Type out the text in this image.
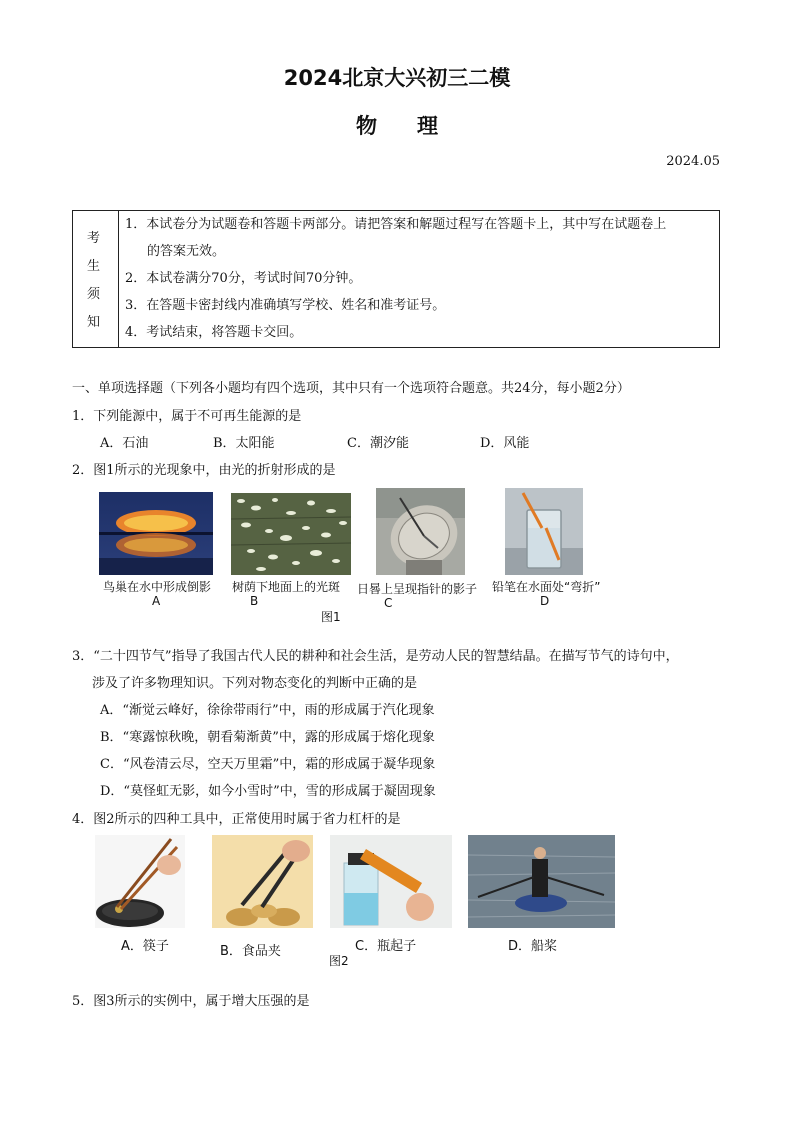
2024北京大兴初三二模
物理
2024.05
考
生
须
知
1．本试卷分为试题卷和答题卡两部分。请把答案和解题过程写在答题卡上，其中写在试题卷上
的答案无效。
2．本试卷满分70分，考试时间70分钟。
3．在答题卡密封线内准确填写学校、姓名和准考证号。
4．考试结束，将答题卡交回。
一、单项选择题（下列各小题均有四个选项，其中只有一个选项符合题意。共24分，每小题2分）
1．下列能源中，属于不可再生能源的是
A．石油	B．太阳能	C．潮汐能	D．风能
2．图1所示的光现象中，由光的折射形成的是
鸟巢在水中形成倒影
A
树荫下地面上的光斑
B
日晷上呈现指针的影子
C
铅笔在水面处“弯折”
D
图1
3．“二十四节气”指导了我国古代人民的耕种和社会生活，是劳动人民的智慧结晶。在描写节气的诗句中，
涉及了许多物理知识。下列对物态变化的判断中正确的是
A．“渐觉云峰好，徐徐带雨行”中，雨的形成属于汽化现象
B．“寒露惊秋晚，朝看菊渐黄”中，露的形成属于熔化现象
C．“风卷清云尽，空天万里霜”中，霜的形成属于凝华现象
D．“莫怪虹无影，如今小雪时”中，雪的形成属于凝固现象
4．图2所示的四种工具中，正常使用时属于省力杠杆的是
A．筷子	B．食品夹	C．瓶起子	D．船桨
图2
5．图3所示的实例中，属于增大压强的是
